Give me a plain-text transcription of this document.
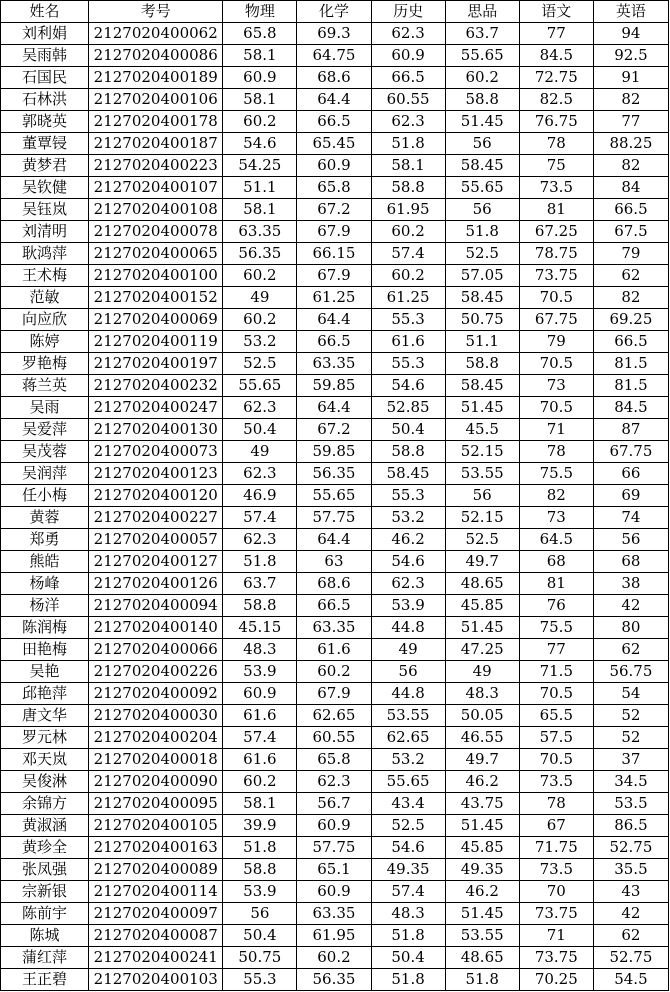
姓名	考号	物理	化学	历史	思品	语文	英语
刘利娟	2127020400062	65.8	69.3	62.3	63.7	77	94
吴雨韩	2127020400086	58.1	64.75	60.9	55.65	84.5	92.5
石国民	2127020400189	60.9	68.6	66.5	60.2	72.75	91
石林洪	2127020400106	58.1	64.4	60.55	58.8	82.5	82
郭晓英	2127020400178	60.2	66.5	62.3	51.45	76.75	77
董覃锓	2127020400187	54.6	65.45	51.8	56	78	88.25
黄梦君	2127020400223	54.25	60.9	58.1	58.45	75	82
吴钦健	2127020400107	51.1	65.8	58.8	55.65	73.5	84
吴钰岚	2127020400108	58.1	67.2	61.95	56	81	66.5
刘清明	2127020400078	63.35	67.9	60.2	51.8	67.25	67.5
耿鸿萍	2127020400065	56.35	66.15	57.4	52.5	78.75	79
王术梅	2127020400100	60.2	67.9	60.2	57.05	73.75	62
范敏	2127020400152	49	61.25	61.25	58.45	70.5	82
向应欣	2127020400069	60.2	64.4	55.3	50.75	67.75	69.25
陈婷	2127020400119	53.2	66.5	61.6	51.1	79	66.5
罗艳梅	2127020400197	52.5	63.35	55.3	58.8	70.5	81.5
蒋兰英	2127020400232	55.65	59.85	54.6	58.45	73	81.5
吴雨	2127020400247	62.3	64.4	52.85	51.45	70.5	84.5
吴爱萍	2127020400130	50.4	67.2	50.4	45.5	71	87
吴茂蓉	2127020400073	49	59.85	58.8	52.15	78	67.75
吴润萍	2127020400123	62.3	56.35	58.45	53.55	75.5	66
任小梅	2127020400120	46.9	55.65	55.3	56	82	69
黄蓉	2127020400227	57.4	57.75	53.2	52.15	73	74
郑勇	2127020400057	62.3	64.4	46.2	52.5	64.5	56
熊皓	2127020400127	51.8	63	54.6	49.7	68	68
杨峰	2127020400126	63.7	68.6	62.3	48.65	81	38
杨洋	2127020400094	58.8	66.5	53.9	45.85	76	42
陈润梅	2127020400140	45.15	63.35	44.8	51.45	75.5	80
田艳梅	2127020400066	48.3	61.6	49	47.25	77	62
吴艳	2127020400226	53.9	60.2	56	49	71.5	56.75
邱艳萍	2127020400092	60.9	67.9	44.8	48.3	70.5	54
唐文华	2127020400030	61.6	62.65	53.55	50.05	65.5	52
罗元林	2127020400204	57.4	60.55	62.65	46.55	57.5	52
邓天岚	2127020400018	61.6	65.8	53.2	49.7	70.5	37
吴俊淋	2127020400090	60.2	62.3	55.65	46.2	73.5	34.5
余锦方	2127020400095	58.1	56.7	43.4	43.75	78	53.5
黄淑涵	2127020400105	39.9	60.9	52.5	51.45	67	86.5
黄珍全	2127020400163	51.8	57.75	54.6	45.85	71.75	52.75
张凤强	2127020400089	58.8	65.1	49.35	49.35	73.5	35.5
宗新银	2127020400114	53.9	60.9	57.4	46.2	70	43
陈前宇	2127020400097	56	63.35	48.3	51.45	73.75	42
陈城	2127020400087	50.4	61.95	51.8	53.55	71	62
蒲红萍	2127020400241	50.75	60.2	50.4	48.65	73.75	52.75
王正碧	2127020400103	55.3	56.35	51.8	51.8	70.25	54.5
